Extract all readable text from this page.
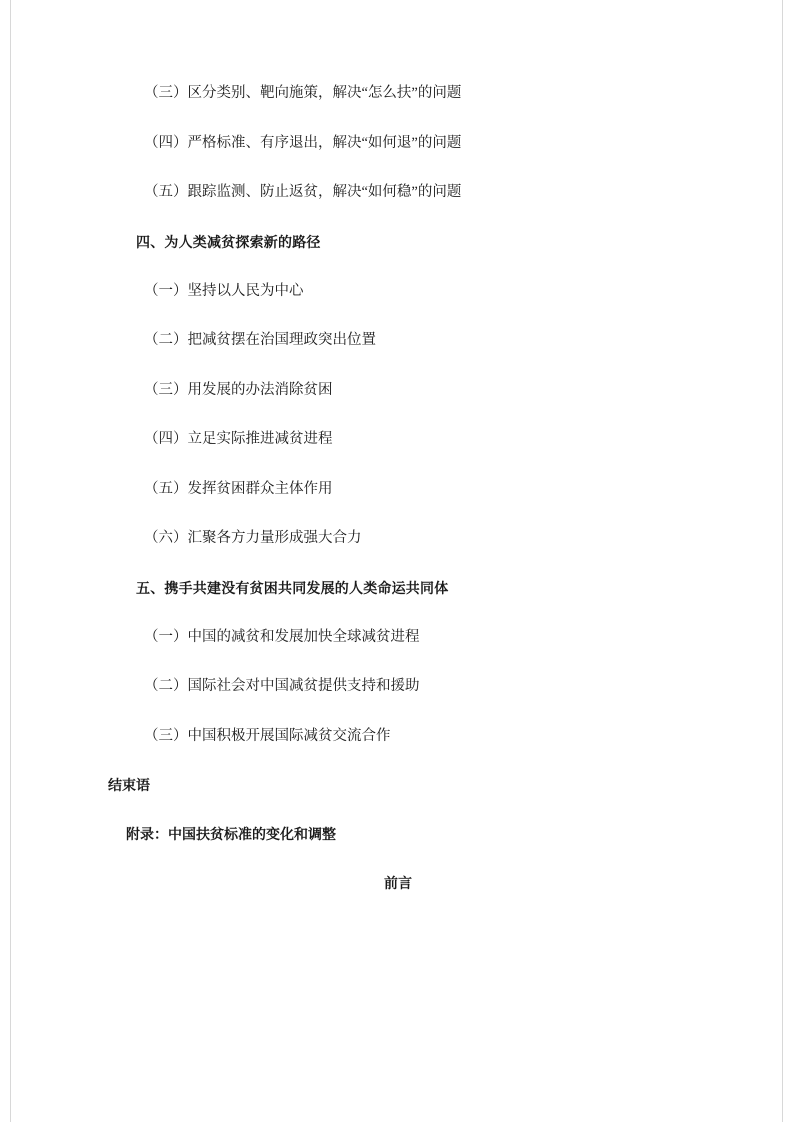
（三）区分类别、靶向施策，解决“怎么扶”的问题

（四）严格标准、有序退出，解决“如何退”的问题

（五）跟踪监测、防止返贫，解决“如何稳”的问题

四、为人类减贫探索新的路径

（一）坚持以人民为中心

（二）把减贫摆在治国理政突出位置

（三）用发展的办法消除贫困

（四）立足实际推进减贫进程

（五）发挥贫困群众主体作用

（六）汇聚各方力量形成强大合力

五、携手共建没有贫困共同发展的人类命运共同体

（一）中国的减贫和发展加快全球减贫进程

（二）国际社会对中国减贫提供支持和援助

（三）中国积极开展国际减贫交流合作

结束语

附录：中国扶贫标准的变化和调整

前言
